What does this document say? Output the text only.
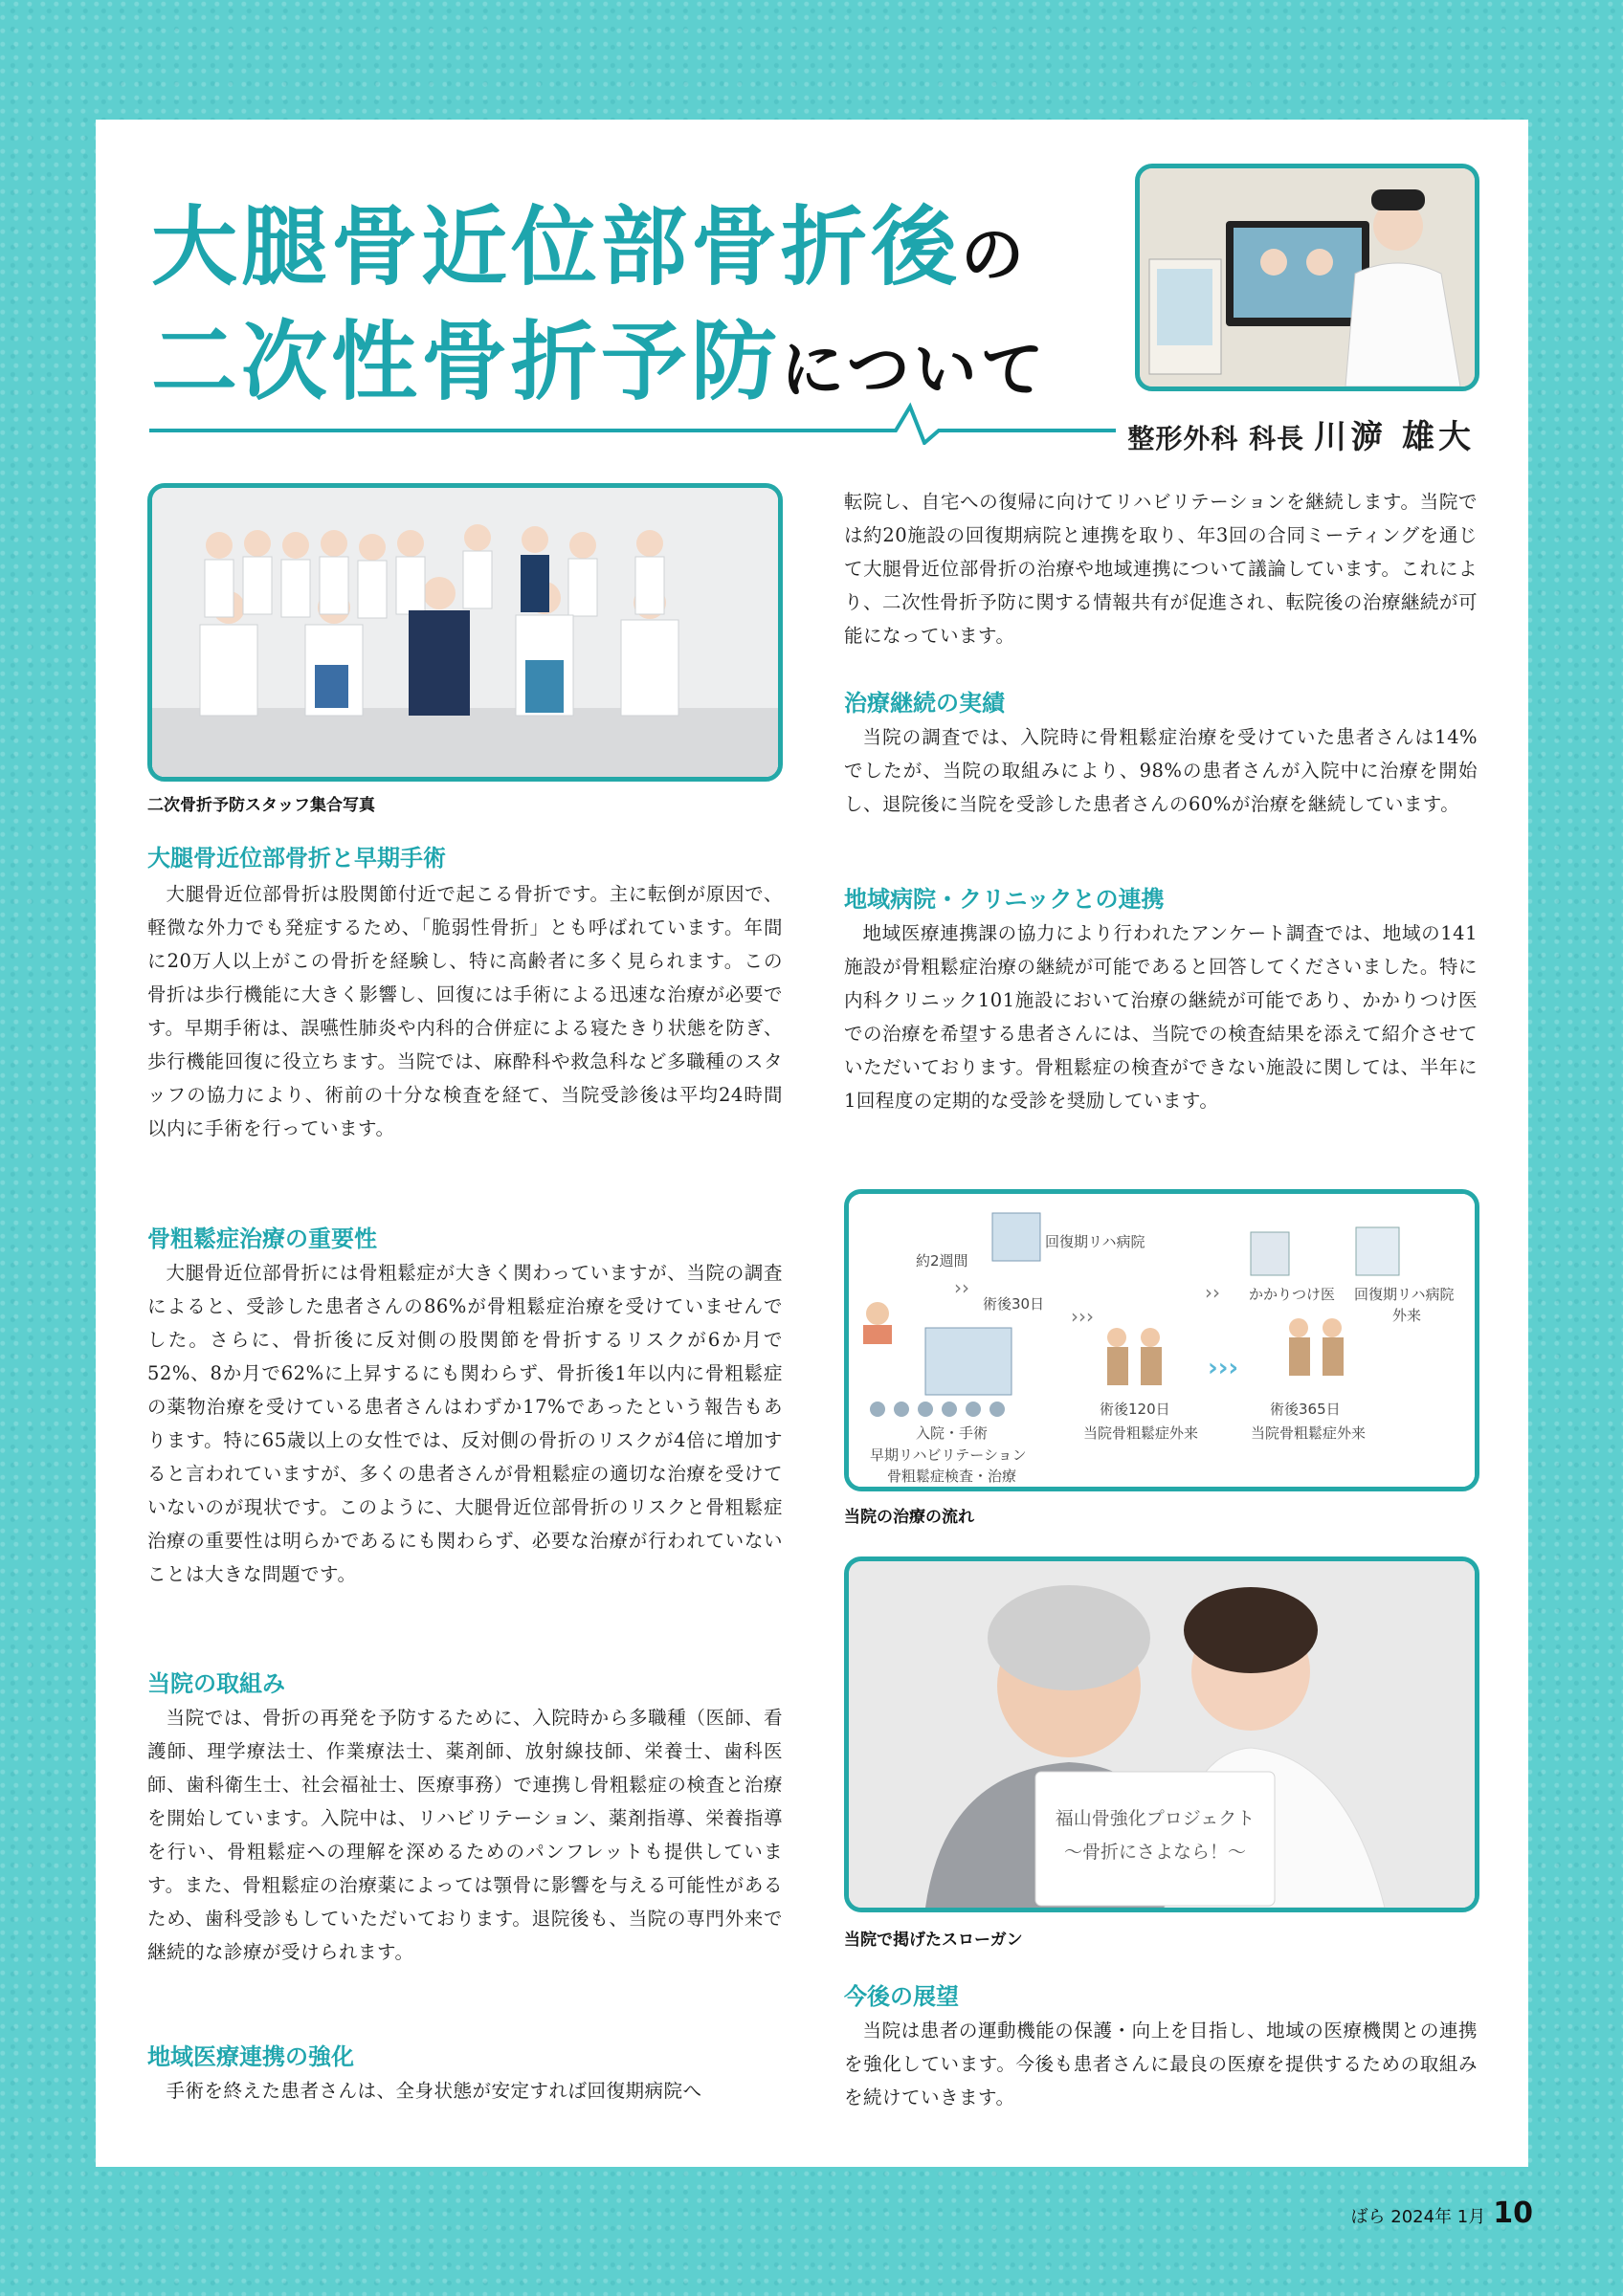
大腿骨近位部骨折後の
二次性骨折予防について
整形外科 科長 川㴑 雄大
二次骨折予防スタッフ集合写真
大腿骨近位部骨折と早期手術

大腿骨近位部骨折は股関節付近で起こる骨折です。主に転倒が原因で、軽微な外力でも発症するため、「脆弱性骨折」とも呼ばれています。年間に20万人以上がこの骨折を経験し、特に高齢者に多く見られます。この骨折は歩行機能に大きく影響し、回復には手術による迅速な治療が必要です。早期手術は、誤嚥性肺炎や内科的合併症による寝たきり状態を防ぎ、歩行機能回復に役立ちます。当院では、麻酔科や救急科など多職種のスタッフの協力により、術前の十分な検査を経て、当院受診後は平均24時間以内に手術を行っています。

骨粗鬆症治療の重要性

大腿骨近位部骨折には骨粗鬆症が大きく関わっていますが、当院の調査によると、受診した患者さんの86%が骨粗鬆症治療を受けていませんでした。さらに、骨折後に反対側の股関節を骨折するリスクが6か月で52%、8か月で62%に上昇するにも関わらず、骨折後1年以内に骨粗鬆症の薬物治療を受けている患者さんはわずか17%であったという報告もあります。特に65歳以上の女性では、反対側の骨折のリスクが4倍に増加すると言われていますが、多くの患者さんが骨粗鬆症の適切な治療を受けていないのが現状です。このように、大腿骨近位部骨折のリスクと骨粗鬆症治療の重要性は明らかであるにも関わらず、必要な治療が行われていないことは大きな問題です。

当院の取組み

当院では、骨折の再発を予防するために、入院時から多職種（医師、看護師、理学療法士、作業療法士、薬剤師、放射線技師、栄養士、歯科医師、歯科衛生士、社会福祉士、医療事務）で連携し骨粗鬆症の検査と治療を開始しています。入院中は、リハビリテーション、薬剤指導、栄養指導を行い、骨粗鬆症への理解を深めるためのパンフレットも提供しています。また、骨粗鬆症の治療薬によっては顎骨に影響を与える可能性があるため、歯科受診もしていただいております。退院後も、当院の専門外来で継続的な診療が受けられます。

地域医療連携の強化

手術を終えた患者さんは、全身状態が安定すれば回復期病院へ

転院し、自宅への復帰に向けてリハビリテーションを継続します。当院では約20施設の回復期病院と連携を取り、年3回の合同ミーティングを通じて大腿骨近位部骨折の治療や地域連携について議論しています。これにより、二次性骨折予防に関する情報共有が促進され、転院後の治療継続が可能になっています。

治療継続の実績

当院の調査では、入院時に骨粗鬆症治療を受けていた患者さんは14%でしたが、当院の取組みにより、98%の患者さんが入院中に治療を開始し、退院後に当院を受診した患者さんの60%が治療を継続しています。

地域病院・クリニックとの連携

地域医療連携課の協力により行われたアンケート調査では、地域の141施設が骨粗鬆症治療の継続が可能であると回答してくださいました。特に内科クリニック101施設において治療の継続が可能であり、かかりつけ医での治療を希望する患者さんには、当院での検査結果を添えて紹介させていただいております。骨粗鬆症の検査ができない施設に関しては、半年に1回程度の定期的な受診を奨励しています。

››
›››
››
›››
約2週間
回復期リハ病院
術後30日
かかりつけ医 回復期リハ病院
外来
入院・手術
早期リハビリテーション
骨粗鬆症検査・治療
術後120日
当院骨粗鬆症外来
術後365日
当院骨粗鬆症外来
当院の治療の流れ
福山骨強化プロジェクト
～骨折にさよなら！～
当院で掲げたスローガン
今後の展望

当院は患者の運動機能の保護・向上を目指し、地域の医療機関との連携を強化しています。今後も患者さんに最良の医療を提供するための取組みを続けていきます。

ばら 2024年 1月 10
